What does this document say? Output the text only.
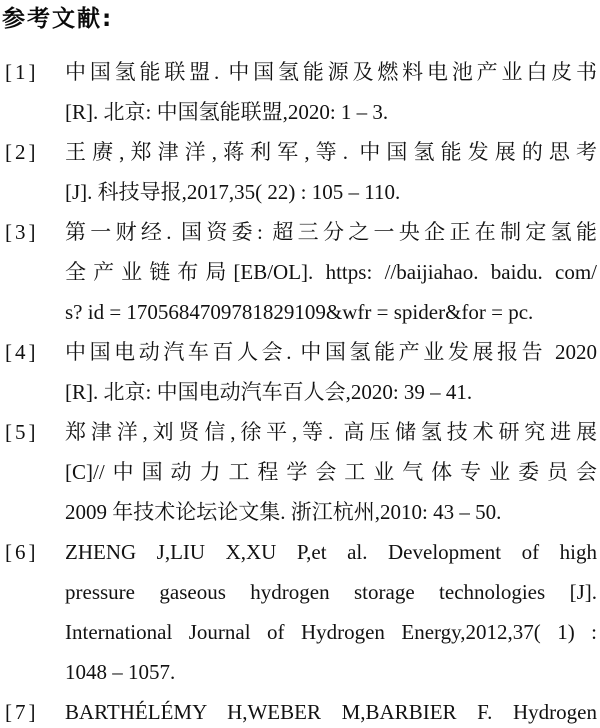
参考文献:
[1] 中国氢能联盟. 中国氢能源及燃料电池产业白皮书
[R]. 北京: 中国氢能联盟,2020: 1 – 3.
[2] 王赓,郑津洋,蒋利军,等. 中国氢能发展的思考
[J]. 科技导报,2017,35( 22) : 105 – 110.
[3] 第一财经. 国资委: 超三分之一央企正在制定氢能
全产业链布局[EB/OL]. https: //baijiahao. baidu. com/
s? id = 1705684709781829109&wfr = spider&for = pc.
[4] 中国电动汽车百人会. 中国氢能产业发展报告 2020
[R]. 北京: 中国电动汽车百人会,2020: 39 – 41.
[5] 郑津洋,刘贤信,徐平,等. 高压储氢技术研究进展
[C]//中国动力工程学会工业气体专业委员会
2009 年技术论坛论文集. 浙江杭州,2010: 43 – 50.
[6] ZHENG J,LIU X,XU P,et al. Development of high
pressure gaseous hydrogen storage technologies [J].
International Journal of Hydrogen Energy,2012,37( 1) :
1048 – 1057.
[7] BARTHÉLÉMY H,WEBER M,BARBIER F. Hydrogen
